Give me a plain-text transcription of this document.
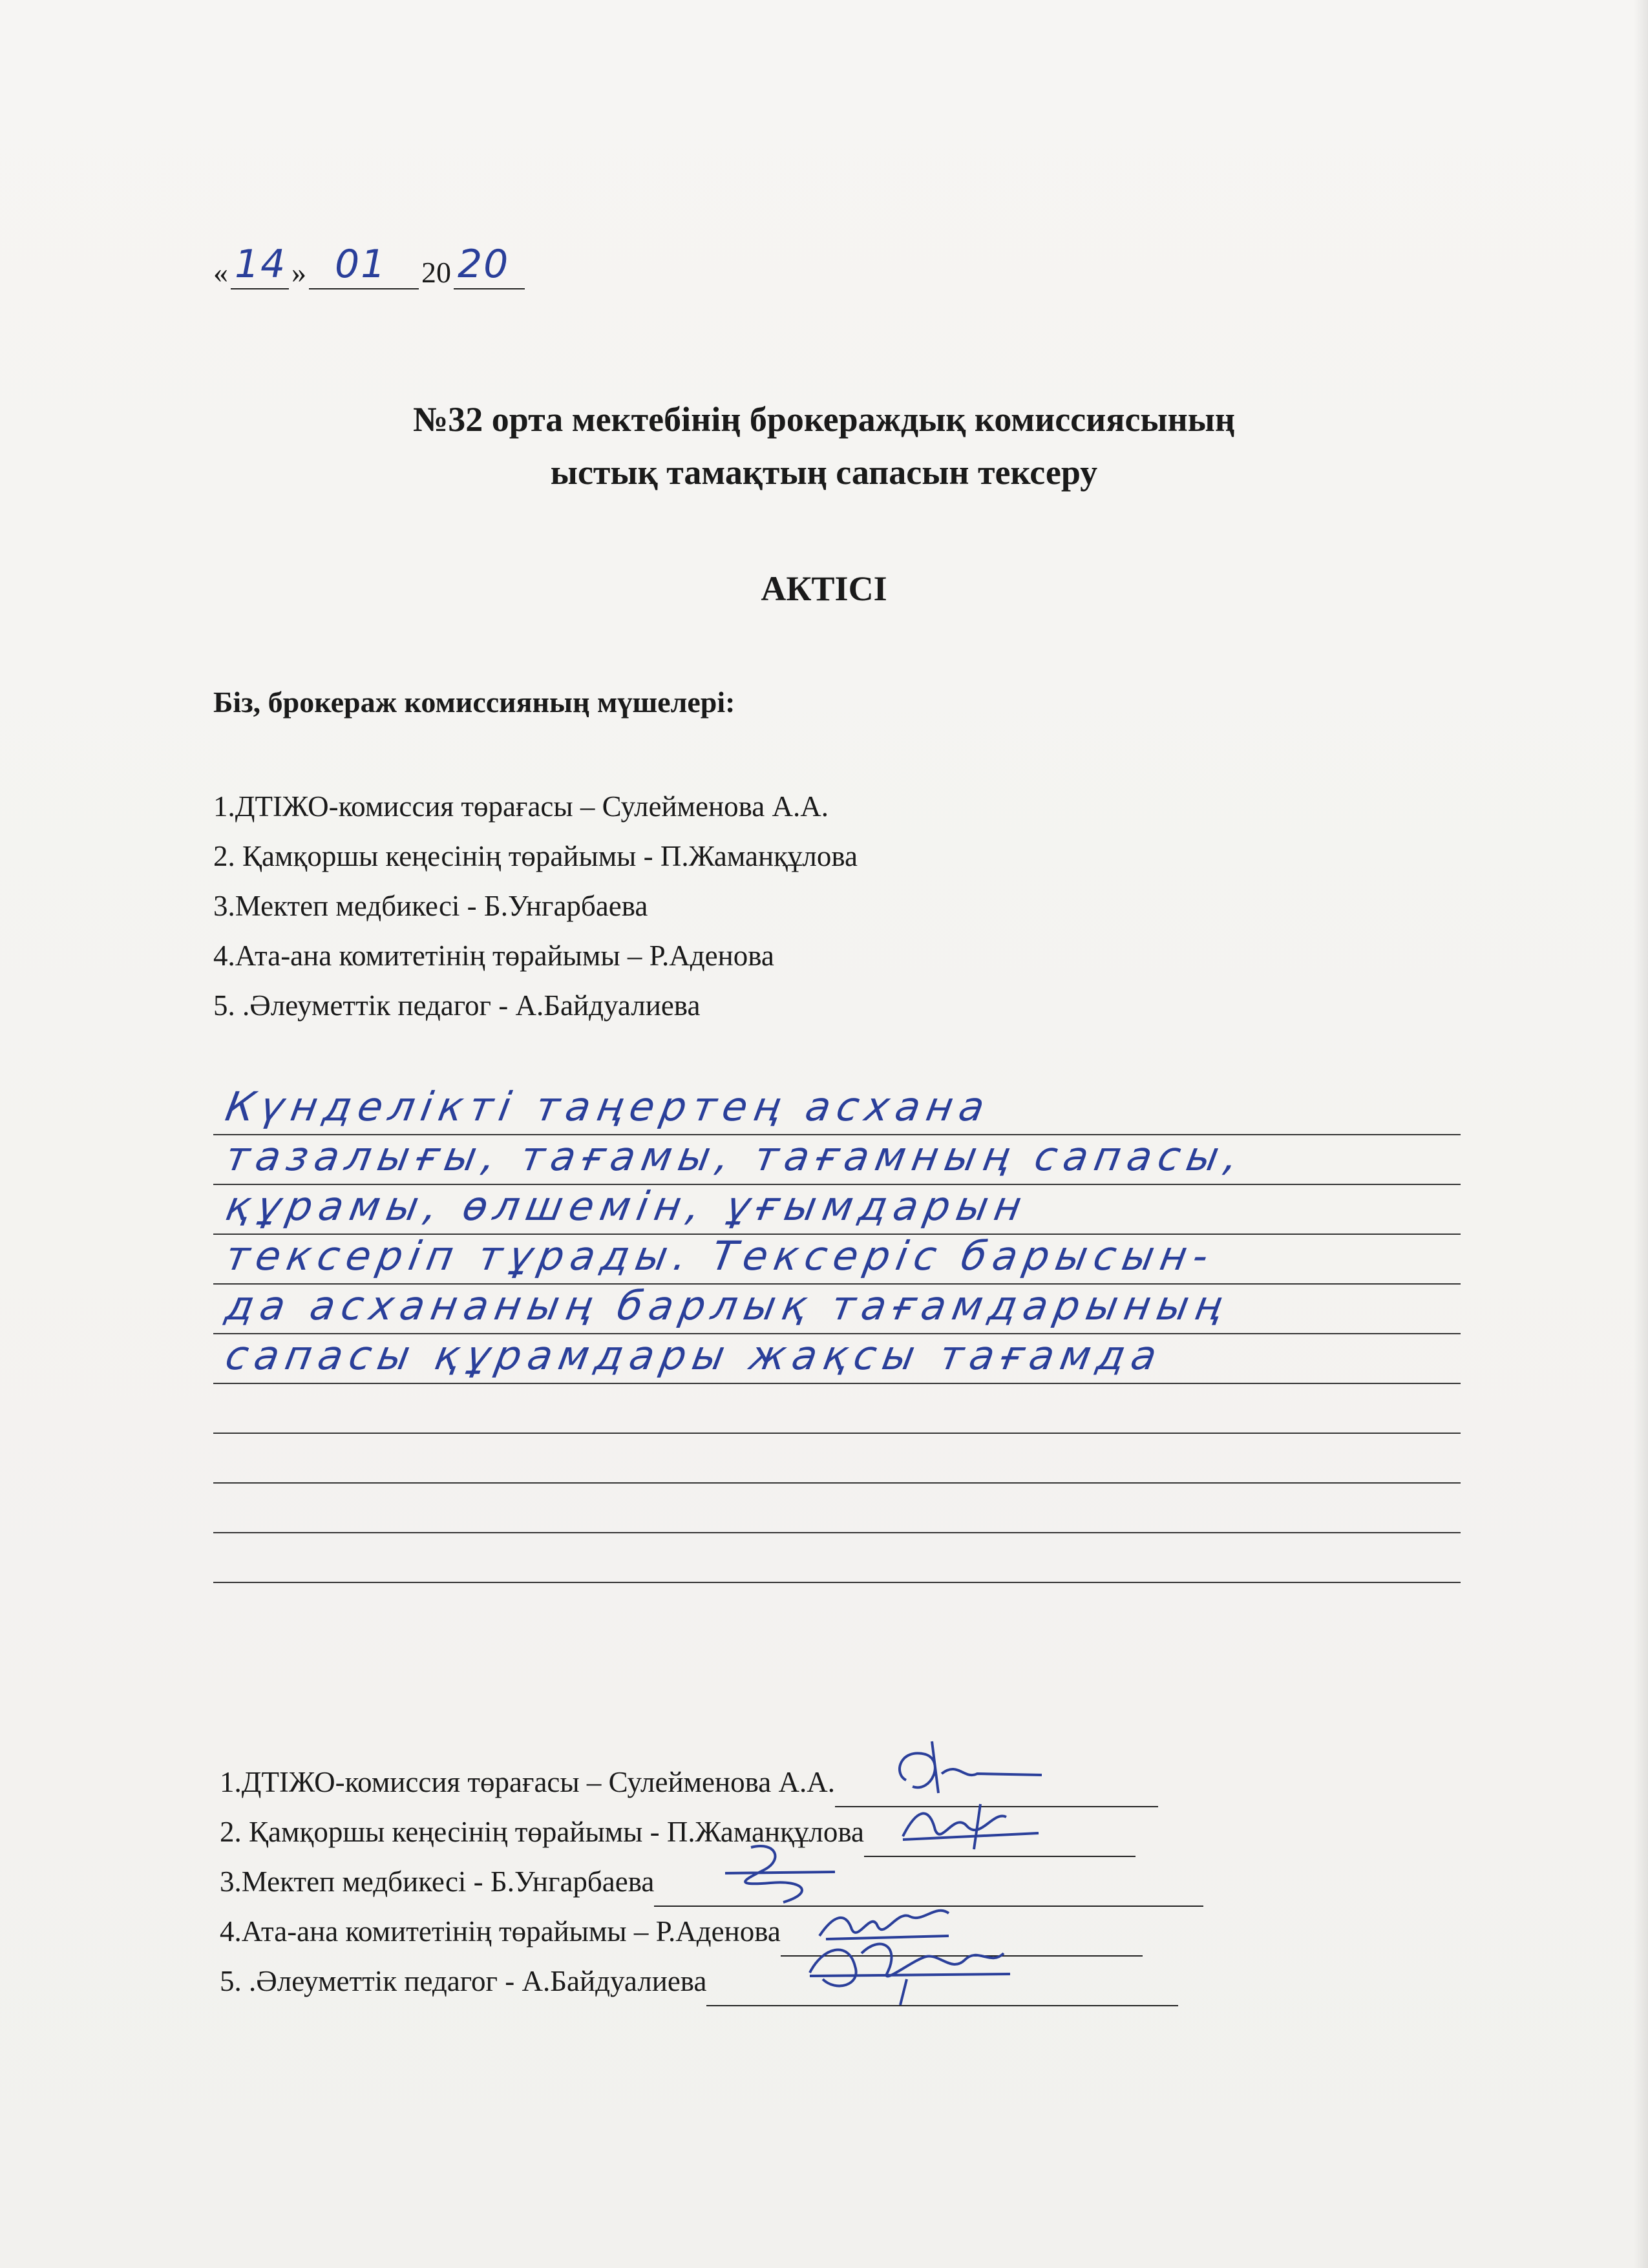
« 14 » 01 20 20
№32 орта мектебінің брокераждық комиссиясының
ыстық тамақтың сапасын тексеру
АКТІСІ
Біз, брокераж комиссияның мүшелері:
1.ДТІЖО-комиссия төрағасы – Сулейменова А.А.
2. Қамқоршы кеңесінің төрайымы - П.Жаманқұлова
3.Мектеп медбикесі - Б.Унгарбаева
4.Ата-ана комитетінің төрайымы – Р.Аденова
5. .Әлеуметтік педагог - А.Байдуалиева
Күнделікті таңертең асхана
тазалығы, тағамы, тағамның сапасы,
құрамы, өлшемін, ұғымдарын
тексеріп тұрады. Тексеріс барысын-
да асхананың барлық тағамдарының
сапасы құрамдары жақсы тағамда
1.ДТІЖО-комиссия төрағасы – Сулейменова А.А.
2. Қамқоршы кеңесінің төрайымы - П.Жаманқұлова
3.Мектеп медбикесі - Б.Унгарбаева
4.Ата-ана комитетінің төрайымы – Р.Аденова
5. .Әлеуметтік педагог - А.Байдуалиева
